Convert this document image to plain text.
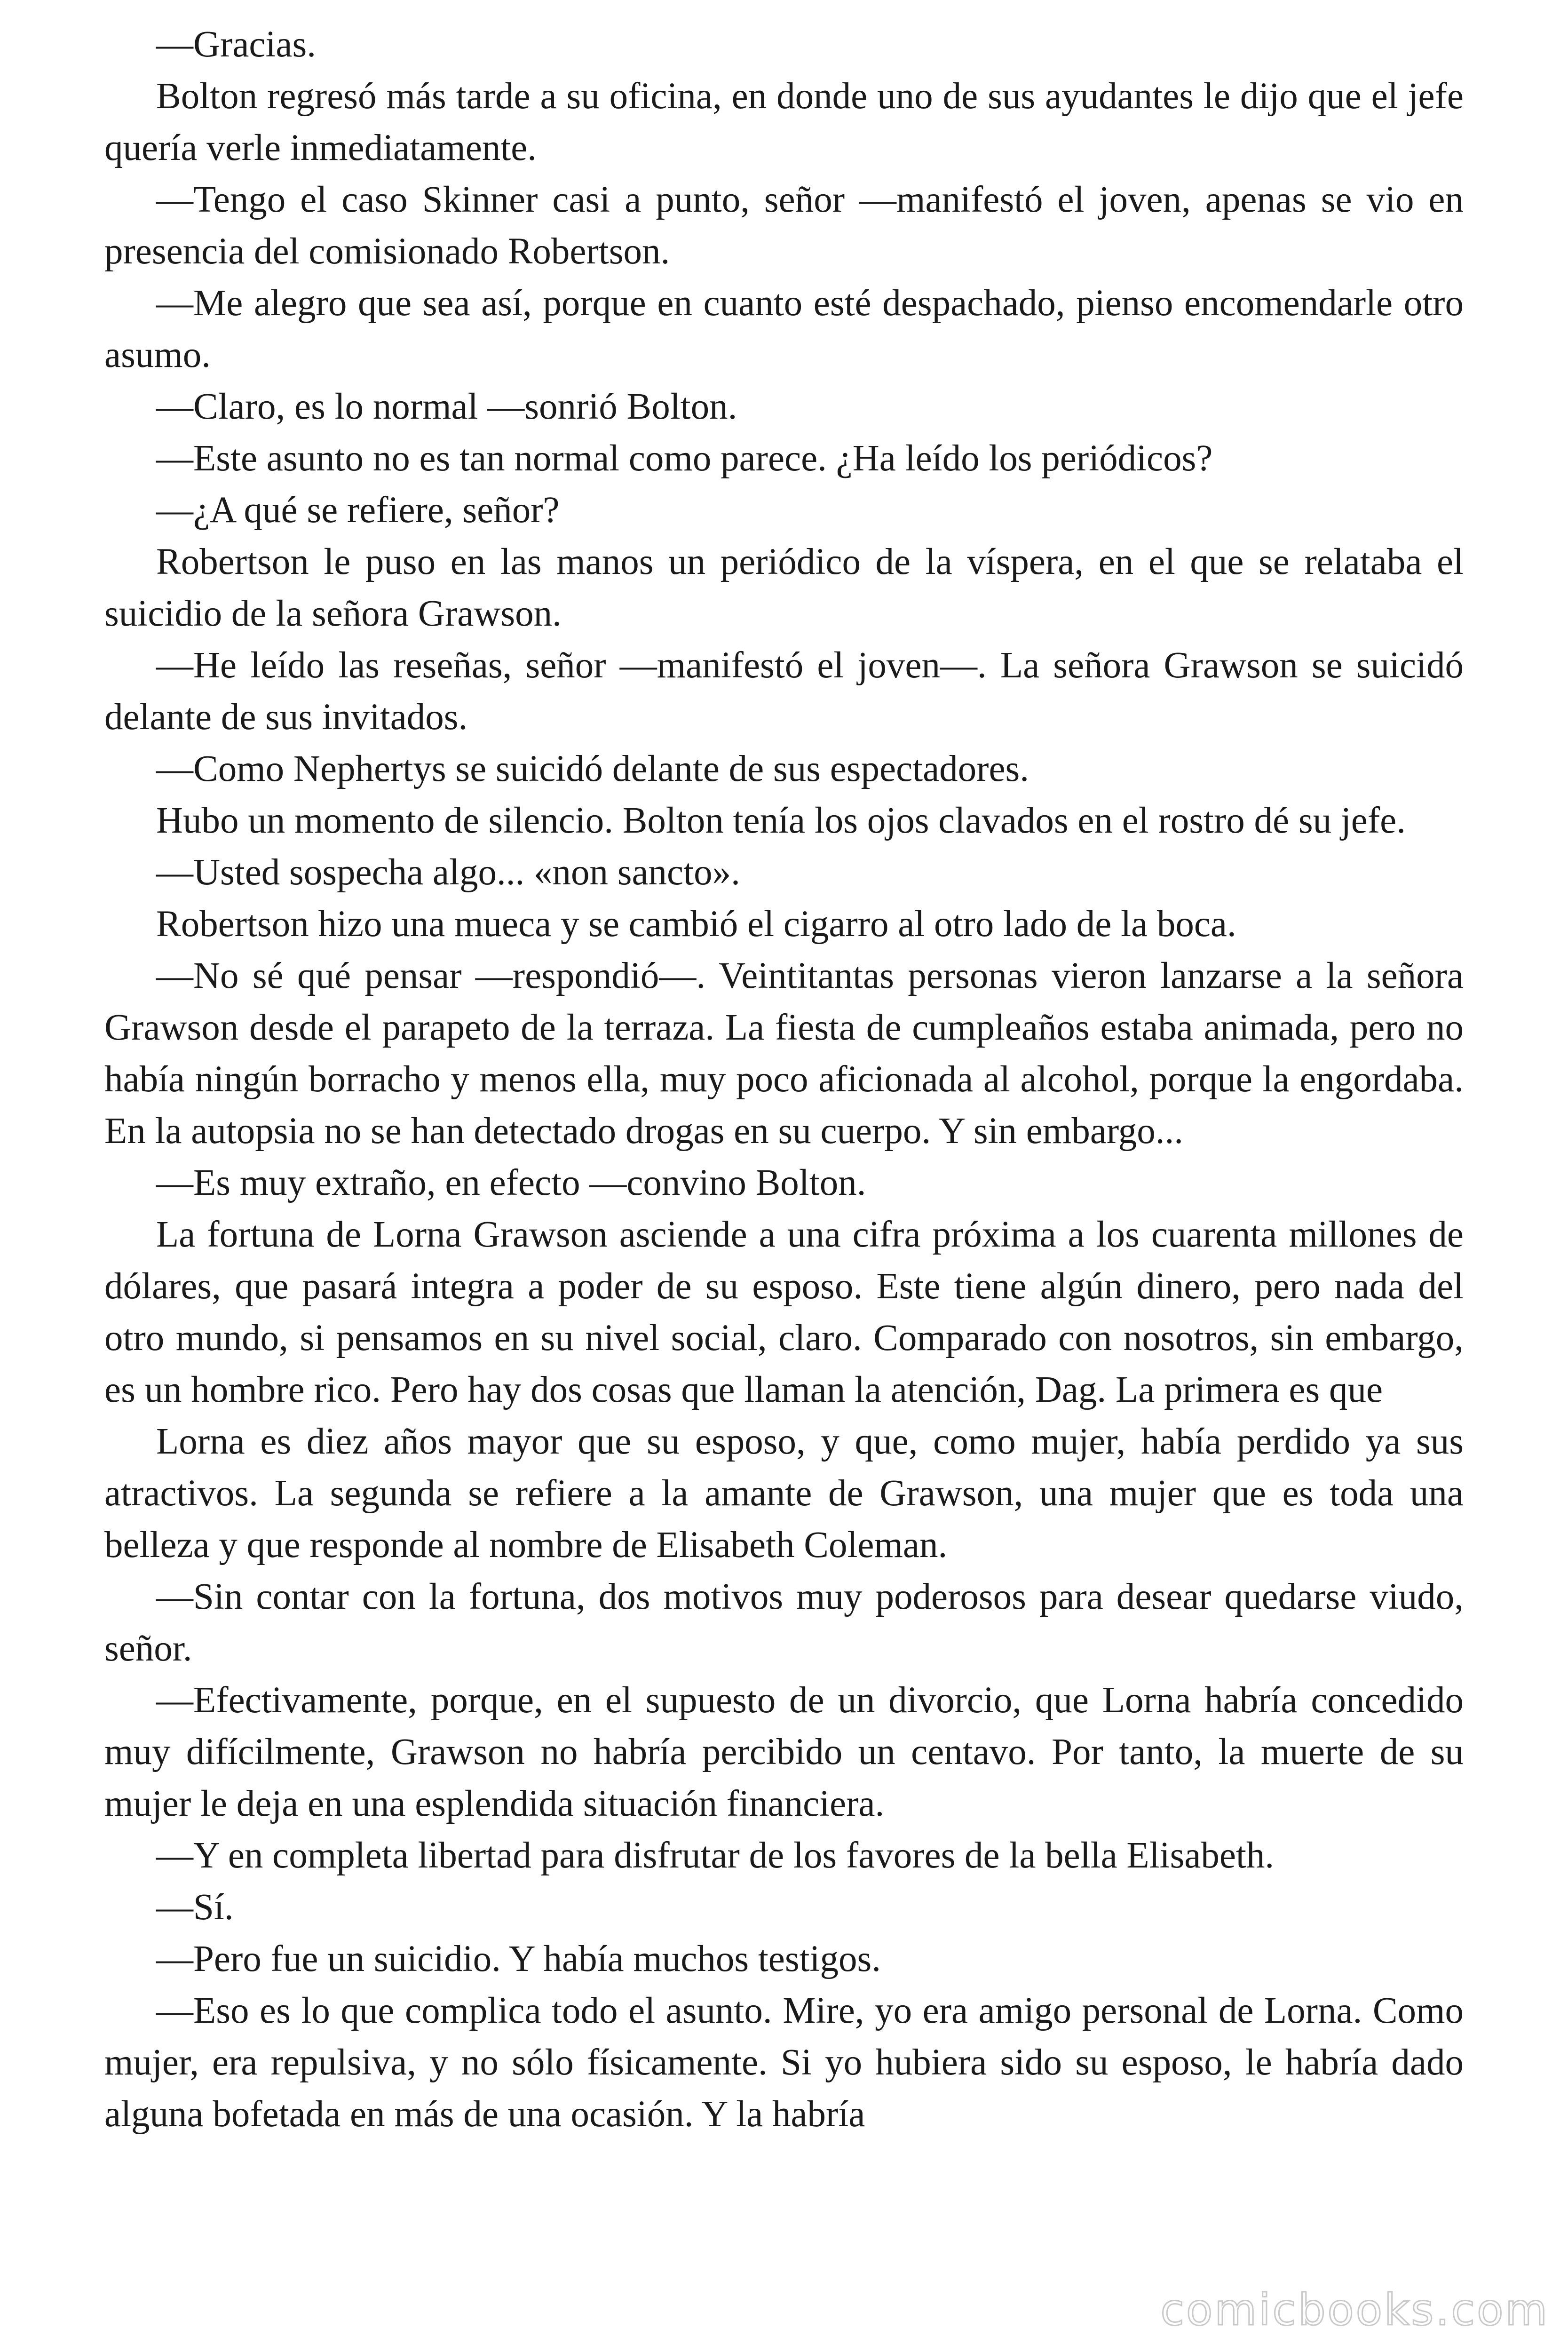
—Gracias.

Bolton regresó más tarde a su oficina, en donde uno de sus ayudantes le dijo que el jefe quería verle inmediatamente.

—Tengo el caso Skinner casi a punto, señor —manifestó el joven, apenas se vio en presencia del comisionado Robertson.

—Me alegro que sea así, porque en cuanto esté despachado, pienso encomendarle otro asumo.

—Claro, es lo normal —sonrió Bolton.

—Este asunto no es tan normal como parece. ¿Ha leído los periódicos?

—¿A qué se refiere, señor?

Robertson le puso en las manos un periódico de la víspera, en el que se relataba el suicidio de la señora Grawson.

—He leído las reseñas, señor —manifestó el joven—. La señora Grawson se suicidó delante de sus invitados.

—Como Nephertys se suicidó delante de sus espectadores.

Hubo un momento de silencio. Bolton tenía los ojos clavados en el rostro dé su jefe.

—Usted sospecha algo... «non sancto».

Robertson hizo una mueca y se cambió el cigarro al otro lado de la boca.

—No sé qué pensar —respondió—. Veintitantas personas vieron lanzarse a la señora Grawson desde el parapeto de la terraza. La fiesta de cumpleaños estaba animada, pero no había ningún borracho y menos ella, muy poco aficionada al alcohol, porque la engordaba. En la autopsia no se han detectado drogas en su cuerpo. Y sin embargo...

—Es muy extraño, en efecto —convino Bolton.

La fortuna de Lorna Grawson asciende a una cifra próxima a los cuarenta millones de dólares, que pasará integra a poder de su esposo. Este tiene algún dinero, pero nada del otro mundo, si pensamos en su nivel social, claro. Comparado con nosotros, sin embargo, es un hombre rico. Pero hay dos cosas que llaman la atención, Dag. La primera es que

Lorna es diez años mayor que su esposo, y que, como mujer, había perdido ya sus atractivos. La segunda se refiere a la amante de Grawson, una mujer que es toda una belleza y que responde al nombre de Elisabeth Coleman.

—Sin contar con la fortuna, dos motivos muy poderosos para desear quedarse viudo, señor.

—Efectivamente, porque, en el supuesto de un divorcio, que Lorna habría concedido muy difícilmente, Grawson no habría percibido un centavo. Por tanto, la muerte de su mujer le deja en una esplendida situación financiera.

—Y en completa libertad para disfrutar de los favores de la bella Elisabeth.

—Sí.

—Pero fue un suicidio. Y había muchos testigos.

—Eso es lo que complica todo el asunto. Mire, yo era amigo personal de Lorna. Como mujer, era repulsiva, y no sólo físicamente. Si yo hubiera sido su esposo, le habría dado alguna bofetada en más de una ocasión. Y la habría

comicbooks.com
